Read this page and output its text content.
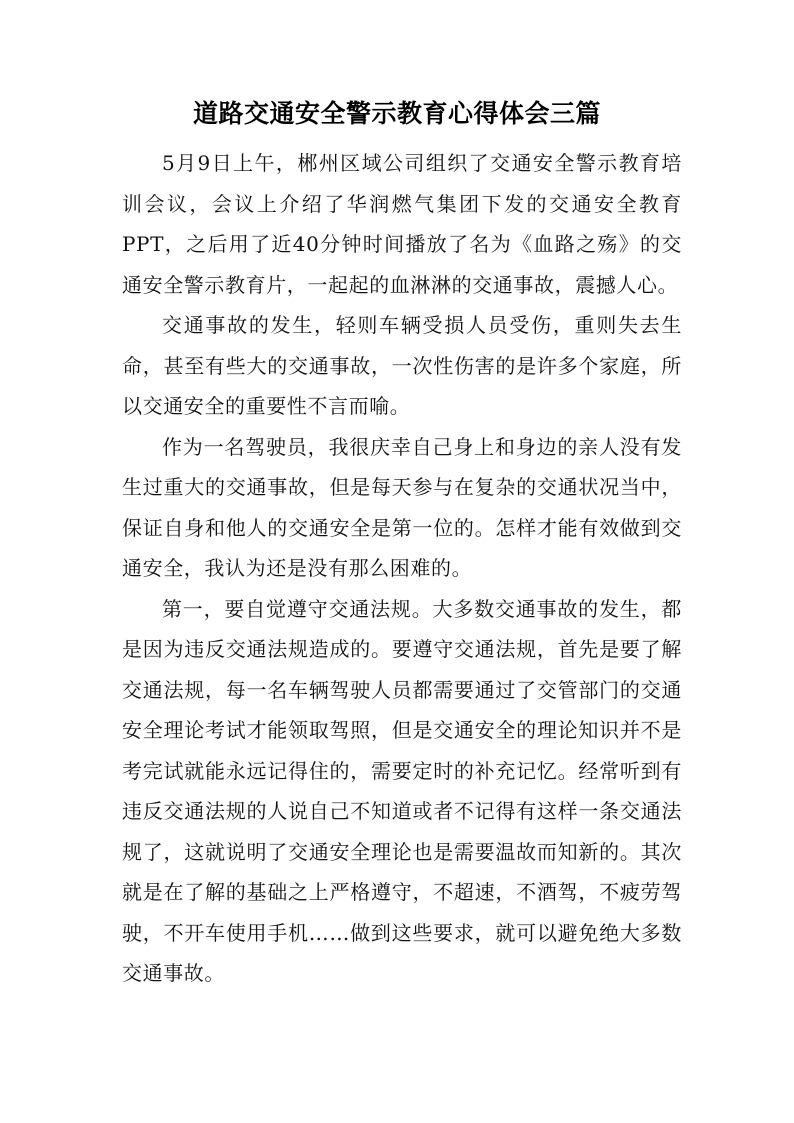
道路交通安全警示教育心得体会三篇

5月9日上午，郴州区域公司组织了交通安全警示教育培训会议，会议上介绍了华润燃气集团下发的交通安全教育PPT，之后用了近40分钟时间播放了名为《血路之殇》的交通安全警示教育片，一起起的血淋淋的交通事故，震撼人心。

交通事故的发生，轻则车辆受损人员受伤，重则失去生命，甚至有些大的交通事故，一次性伤害的是许多个家庭，所以交通安全的重要性不言而喻。

作为一名驾驶员，我很庆幸自己身上和身边的亲人没有发生过重大的交通事故，但是每天参与在复杂的交通状况当中，保证自身和他人的交通安全是第一位的。怎样才能有效做到交通安全，我认为还是没有那么困难的。

第一，要自觉遵守交通法规。大多数交通事故的发生，都是因为违反交通法规造成的。要遵守交通法规，首先是要了解交通法规，每一名车辆驾驶人员都需要通过了交管部门的交通安全理论考试才能领取驾照，但是交通安全的理论知识并不是考完试就能永远记得住的，需要定时的补充记忆。经常听到有违反交通法规的人说自己不知道或者不记得有这样一条交通法规了，这就说明了交通安全理论也是需要温故而知新的。其次就是在了解的基础之上严格遵守，不超速，不酒驾，不疲劳驾驶，不开车使用手机……做到这些要求，就可以避免绝大多数交通事故。
